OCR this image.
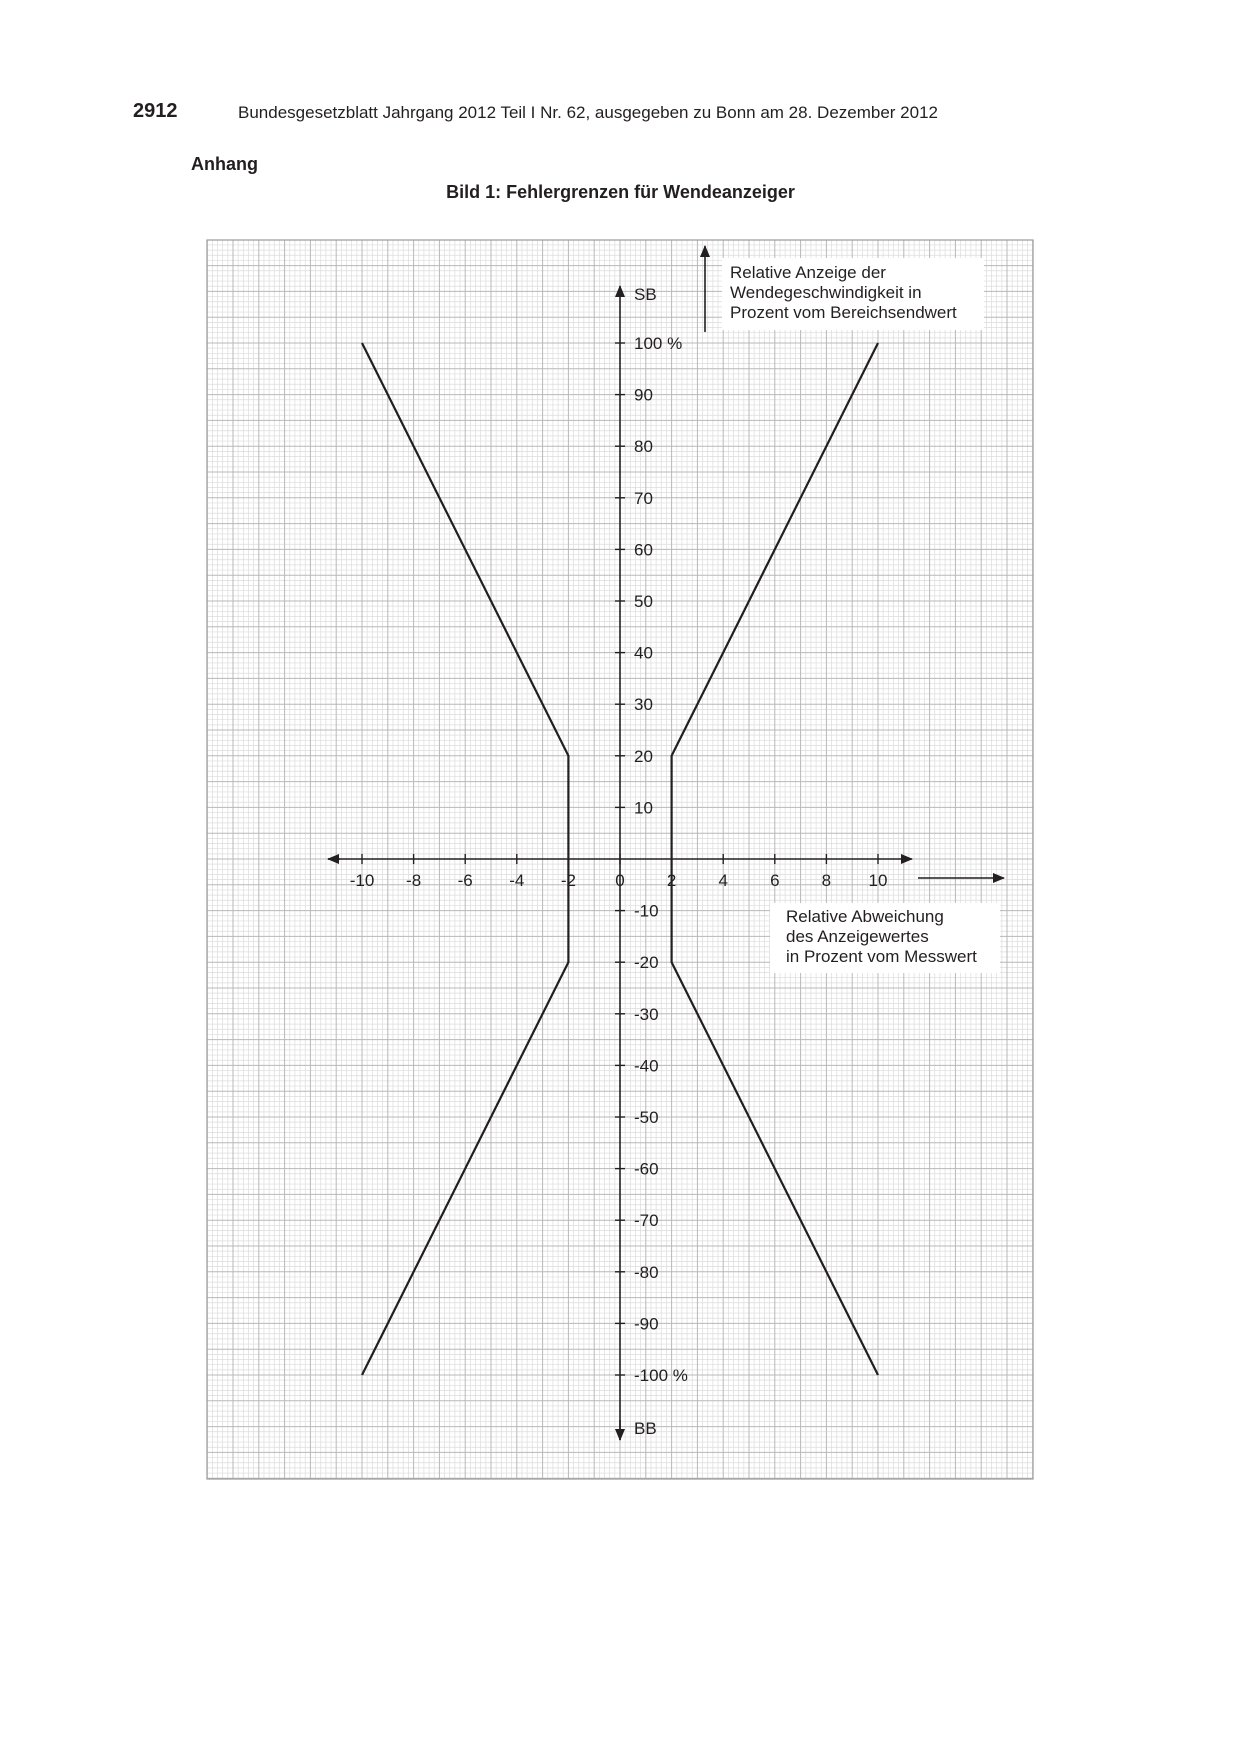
2912	Bundesgesetzblatt Jahrgang 2012 Teil I Nr. 62, ausgegeben zu Bonn am 28. Dezember 2012
Anhang
Bild 1: Fehlergrenzen für Wendeanzeiger
-10 -8 -6 -4 -2 0 2 4 6 8 10
100 %
90
80
70
60
50
40
30
20
10
-10
-20
-30
-40
-50
-60
-70
-80
-90
-100 %
SB
BB
Relative Anzeige der
Wendegeschwindigkeit in
Prozent vom Bereichsendwert
Relative Abweichung
des Anzeigewertes
in Prozent vom Messwert
